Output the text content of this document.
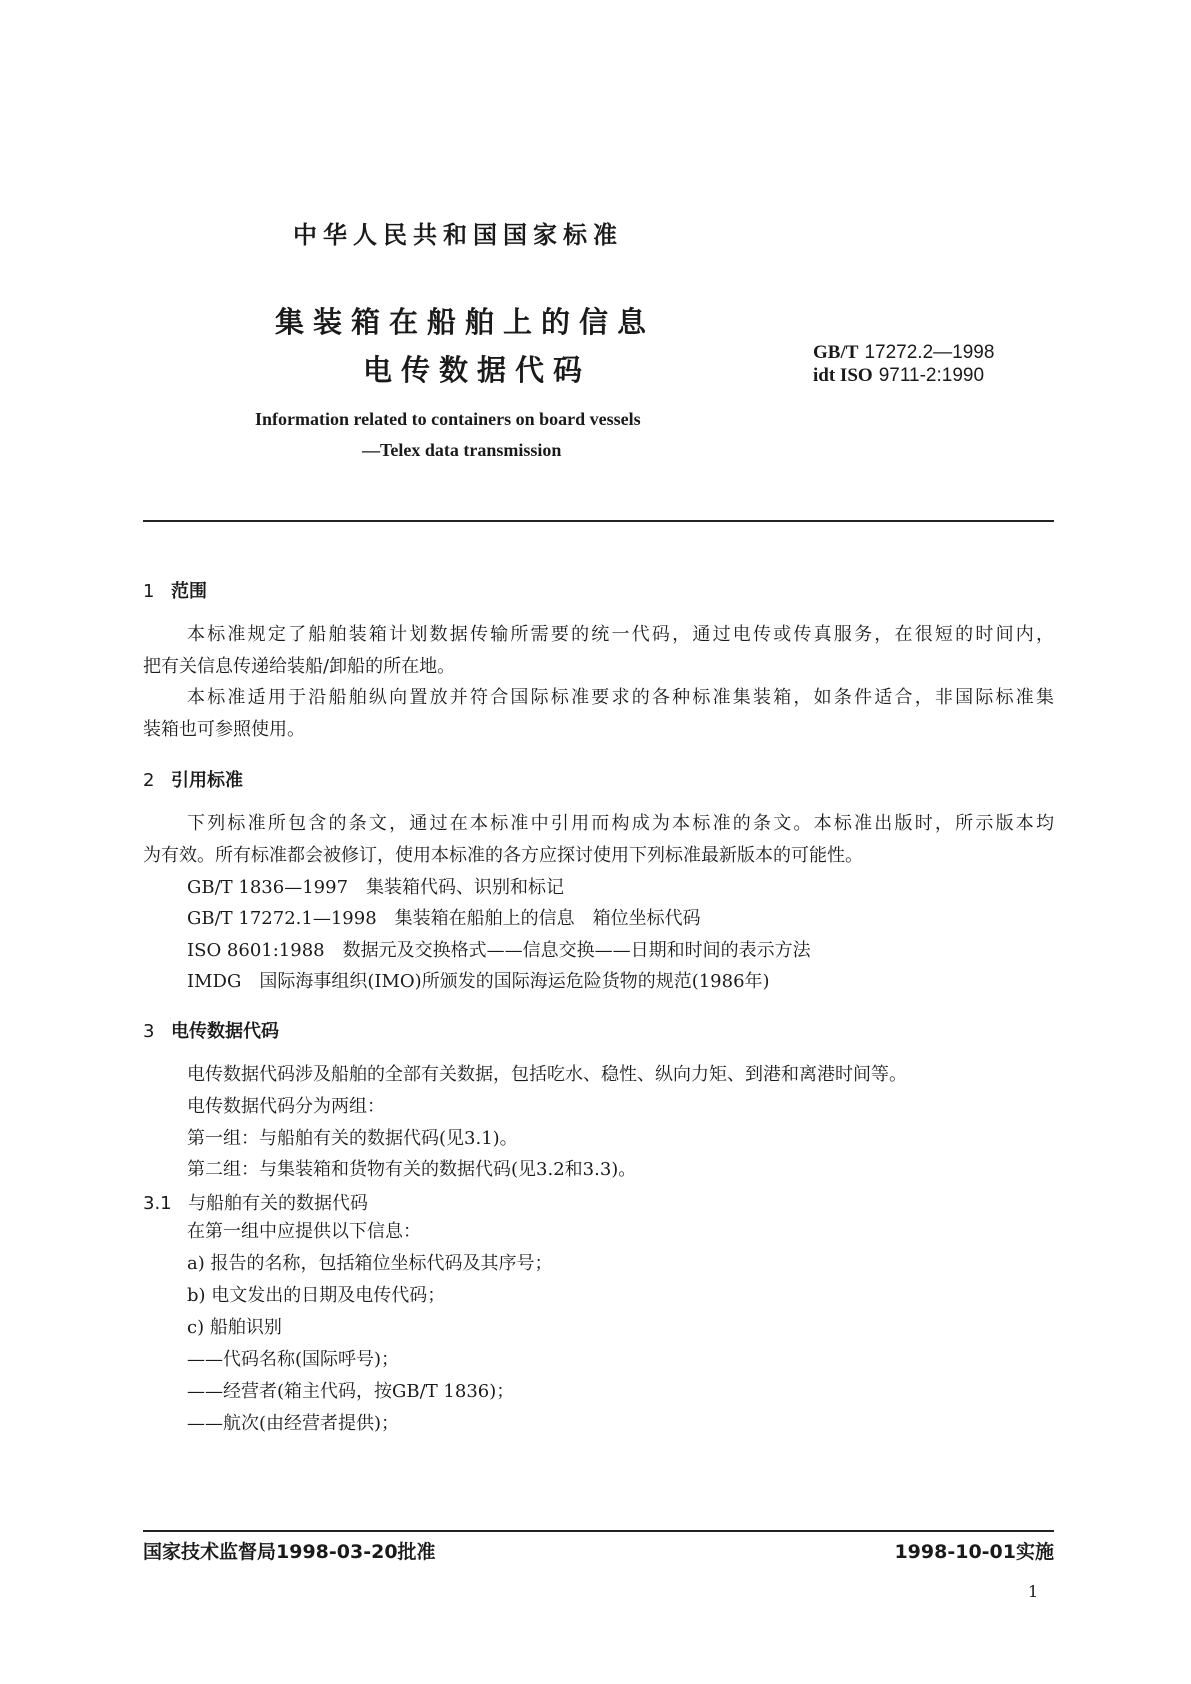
中华人民共和国国家标准
集装箱在船舶上的信息
电传数据代码
GB/T 17272.2—1998
idt ISO 9711-2:1990
Information related to containers on board vessels
—Telex data transmission
1 范围
本标准规定了船舶装箱计划数据传输所需要的统一代码，通过电传或传真服务，在很短的时间内，
把有关信息传递给装船/卸船的所在地。
本标准适用于沿船舶纵向置放并符合国际标准要求的各种标准集装箱，如条件适合，非国际标准集
装箱也可参照使用。
2 引用标准
下列标准所包含的条文，通过在本标准中引用而构成为本标准的条文。本标准出版时，所示版本均
为有效。所有标准都会被修订，使用本标准的各方应探讨使用下列标准最新版本的可能性。
GB/T 1836—1997 集装箱代码、识别和标记
GB/T 17272.1—1998 集装箱在船舶上的信息　箱位坐标代码
ISO 8601:1988 数据元及交换格式——信息交换——日期和时间的表示方法
IMDG 国际海事组织(IMO)所颁发的国际海运危险货物的规范(1986年)
3 电传数据代码
电传数据代码涉及船舶的全部有关数据，包括吃水、稳性、纵向力矩、到港和离港时间等。
电传数据代码分为两组：
第一组：与船舶有关的数据代码(见3.1)。
第二组：与集装箱和货物有关的数据代码(见3.2和3.3)。
3.1 与船舶有关的数据代码
在第一组中应提供以下信息：
a) 报告的名称，包括箱位坐标代码及其序号；
b) 电文发出的日期及电传代码；
c) 船舶识别
——代码名称(国际呼号)；
——经营者(箱主代码，按GB/T 1836)；
——航次(由经营者提供)；
国家技术监督局1998-03-20批准	1998-10-01实施
1
